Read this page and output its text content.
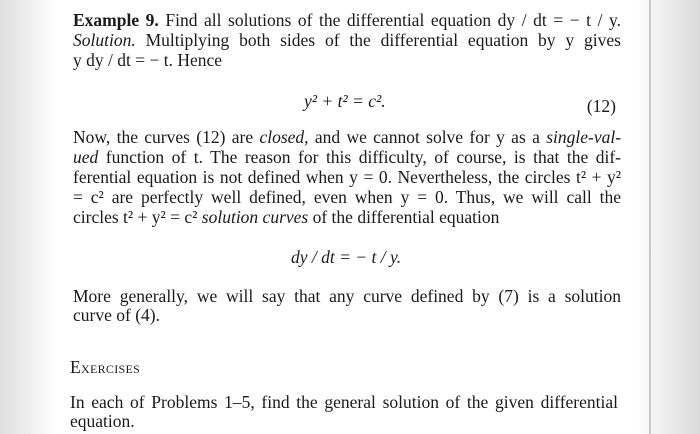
Example 9. Find all solutions of the differential equation dy / dt = − t / y.
Solution. Multiplying both sides of the differential equation by y gives
y dy / dt = − t. Hence
y² + t² = c².	(12)
Now, the curves (12) are closed, and we cannot solve for y as a single-val-
ued function of t. The reason for this difficulty, of course, is that the dif-
ferential equation is not defined when y = 0. Nevertheless, the circles t² + y²
= c² are perfectly well defined, even when y = 0. Thus, we will call the
circles t² + y² = c² solution curves of the differential equation
dy / dt = − t / y.
More generally, we will say that any curve defined by (7) is a solution
curve of (4).
Exercises
In each of Problems 1–5, find the general solution of the given differential
equation.
